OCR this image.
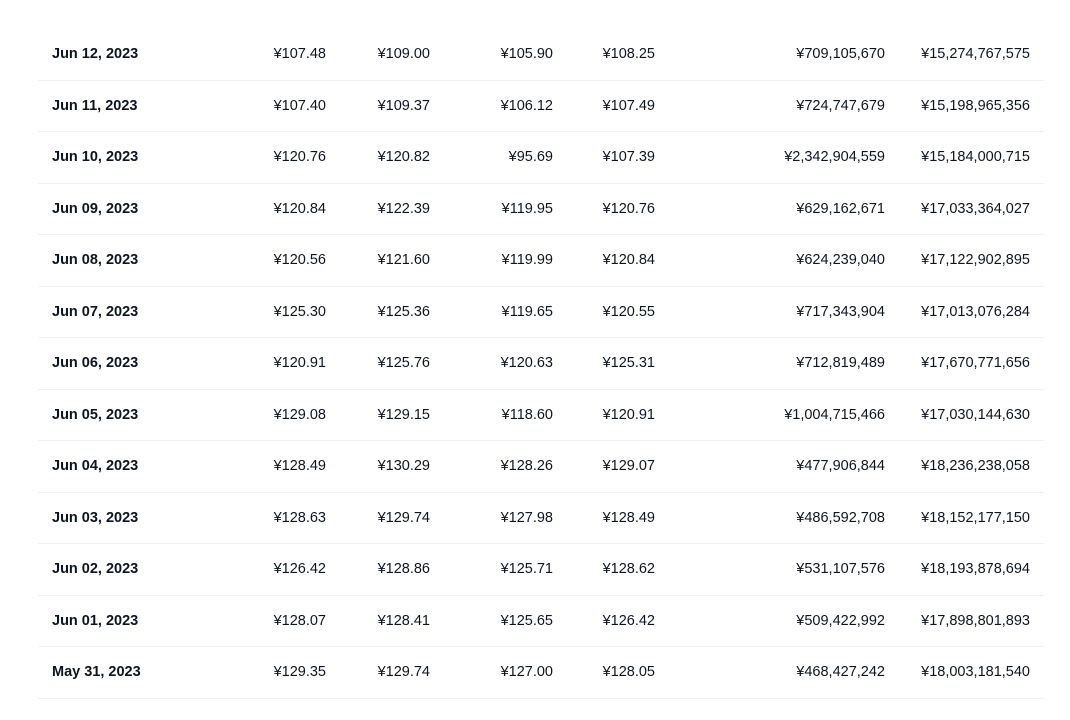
Jun 12, 2023	¥107.48	¥109.00	¥105.90	¥108.25	¥709,105,670 ¥15,274,767,575
Jun 11, 2023	¥107.40	¥109.37	¥106.12	¥107.49	¥724,747,679 ¥15,198,965,356
Jun 10, 2023	¥120.76	¥120.82	¥95.69	¥107.39	¥2,342,904,559 ¥15,184,000,715
Jun 09, 2023	¥120.84	¥122.39	¥119.95	¥120.76	¥629,162,671 ¥17,033,364,027
Jun 08, 2023	¥120.56	¥121.60	¥119.99	¥120.84	¥624,239,040 ¥17,122,902,895
Jun 07, 2023	¥125.30	¥125.36	¥119.65	¥120.55	¥717,343,904 ¥17,013,076,284
Jun 06, 2023	¥120.91	¥125.76	¥120.63	¥125.31	¥712,819,489 ¥17,670,771,656
Jun 05, 2023	¥129.08	¥129.15	¥118.60	¥120.91	¥1,004,715,466 ¥17,030,144,630
Jun 04, 2023	¥128.49	¥130.29	¥128.26	¥129.07	¥477,906,844 ¥18,236,238,058
Jun 03, 2023	¥128.63	¥129.74	¥127.98	¥128.49	¥486,592,708 ¥18,152,177,150
Jun 02, 2023	¥126.42	¥128.86	¥125.71	¥128.62	¥531,107,576 ¥18,193,878,694
Jun 01, 2023	¥128.07	¥128.41	¥125.65	¥126.42	¥509,422,992 ¥17,898,801,893
May 31, 2023	¥129.35	¥129.74	¥127.00	¥128.05	¥468,427,242 ¥18,003,181,540
